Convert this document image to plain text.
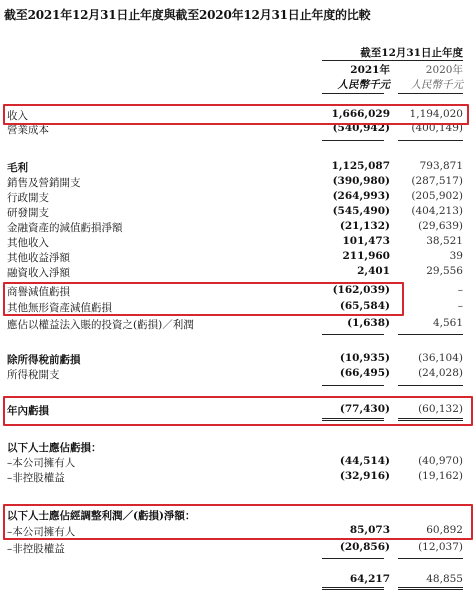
截至2021年12月31日止年度與截至2020年12月31日止年度的比較
截至12月31日止年度
2021年	2020年
人民幣千元 人民幣千元
收入	1,666,029 1,194,020
營業成本	(540,942) (400,149)
毛利	1,125,087	793,871
銷售及營銷開支	(390,980) (287,517)
行政開支	(264,993) (205,902)
研發開支	(545,490) (404,213)
金融資產的減值虧損淨額	(21,132)	(29,639)
其他收入	101,473	38,521
其他收益淨額	211,960	39
融資收入淨額	2,401	29,556
商譽減值虧損	(162,039)	–
其他無形資產減值虧損	(65,584)	–
應佔以權益法入賬的投資之(虧損)／利潤	(1,638)	4,561
除所得稅前虧損	(10,935)	(36,104)
所得稅開支	(66,495)	(24,028)
年內虧損	(77,430)	(60,132)
以下人士應佔虧損：
–本公司擁有人	(44,514)	(40,970)
–非控股權益	(32,916)	(19,162)
以下人士應佔經調整利潤／(虧損)淨額：
–本公司擁有人	85,073	60,892
–非控股權益	(20,856)	(12,037)
64,217	48,855
